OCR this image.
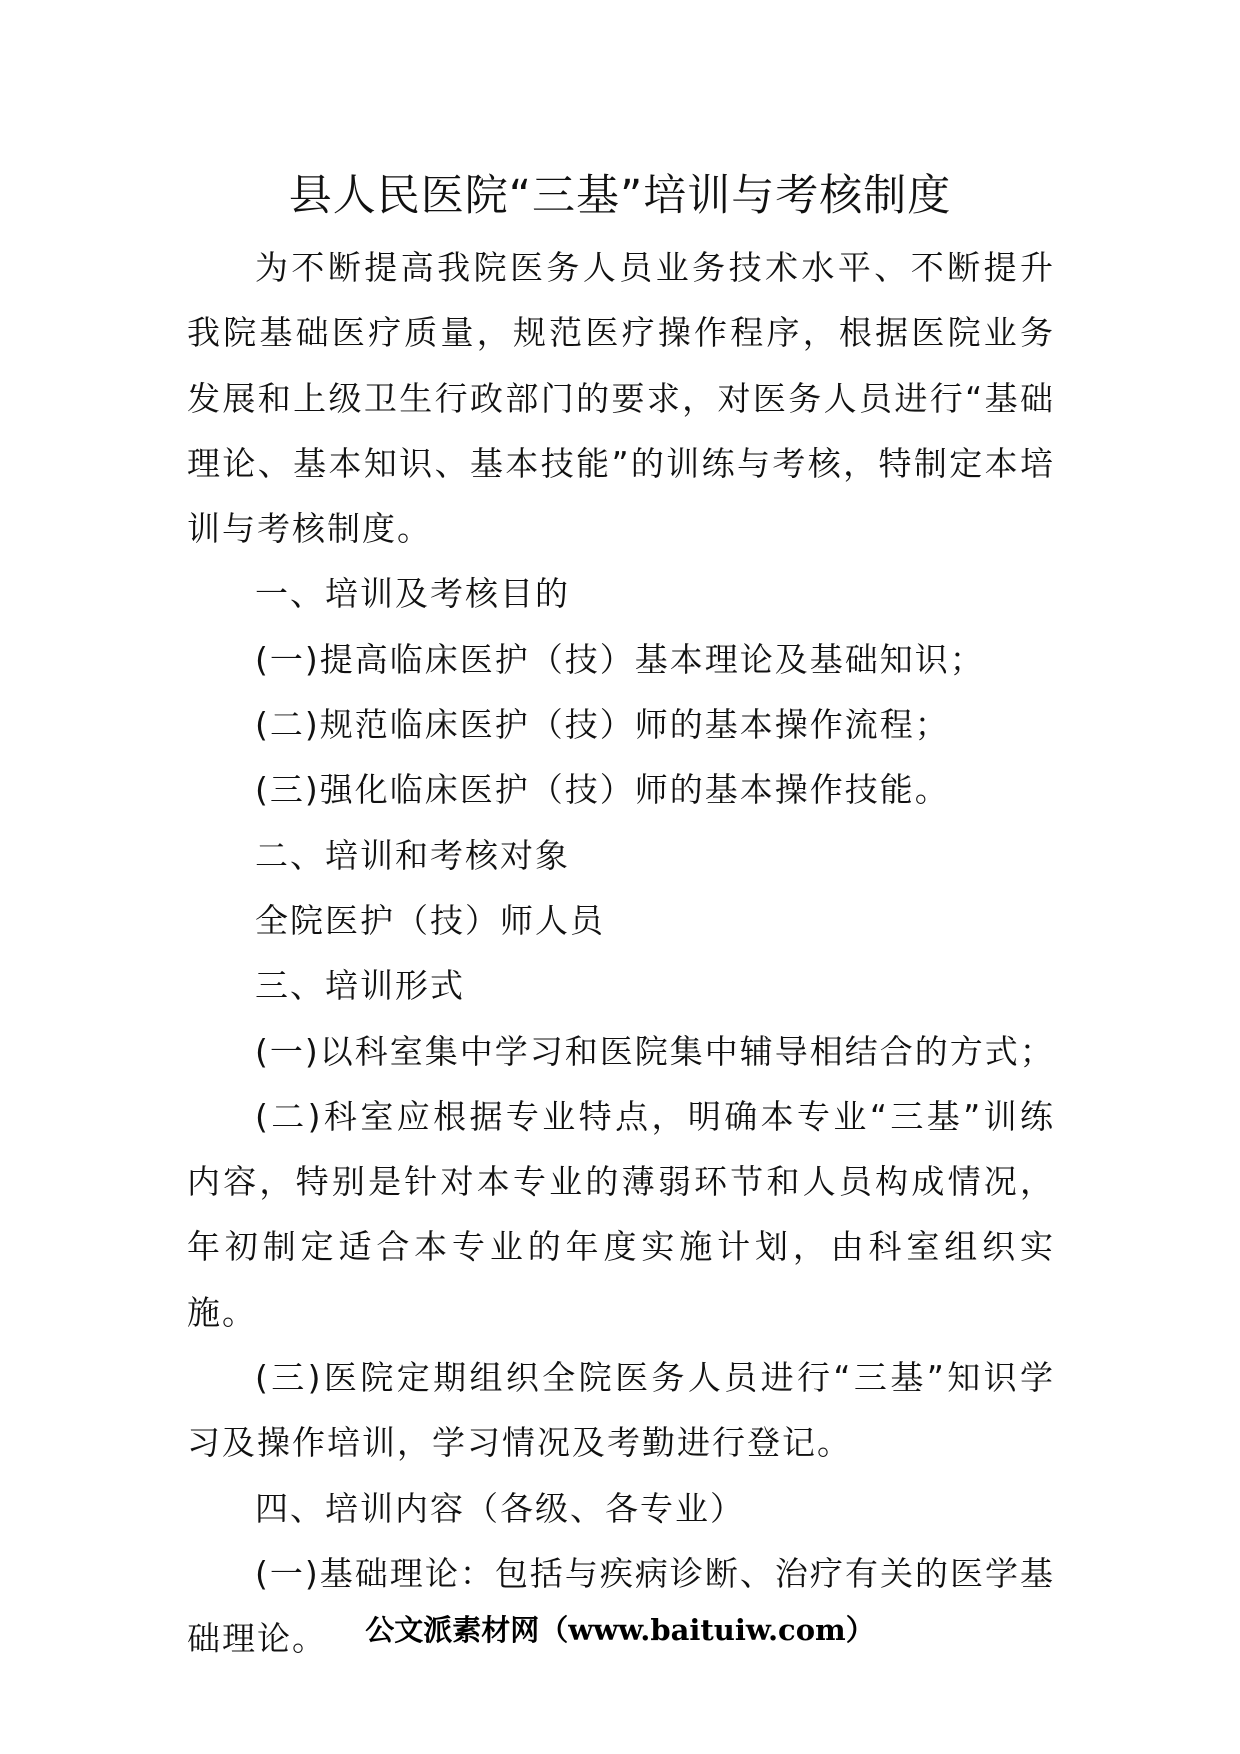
县人民医院“三基”培训与考核制度

为不断提高我院医务人员业务技术水平、不断提升我院基础医疗质量，规范医疗操作程序，根据医院业务发展和上级卫生行政部门的要求，对医务人员进行“基础理论、基本知识、基本技能”的训练与考核，特制定本培训与考核制度。

一、培训及考核目的

(一)提高临床医护（技）基本理论及基础知识；

(二)规范临床医护（技）师的基本操作流程；

(三)强化临床医护（技）师的基本操作技能。

二、培训和考核对象

全院医护（技）师人员

三、培训形式

(一)以科室集中学习和医院集中辅导相结合的方式；

(二)科室应根据专业特点，明确本专业“三基”训练内容，特别是针对本专业的薄弱环节和人员构成情况，年初制定适合本专业的年度实施计划，由科室组织实施。

(三)医院定期组织全院医务人员进行“三基”知识学习及操作培训，学习情况及考勤进行登记。

四、培训内容（各级、各专业）

(一)基础理论：包括与疾病诊断、治疗有关的医学基础理论。	公文派素材网（www.baituiw.com）
